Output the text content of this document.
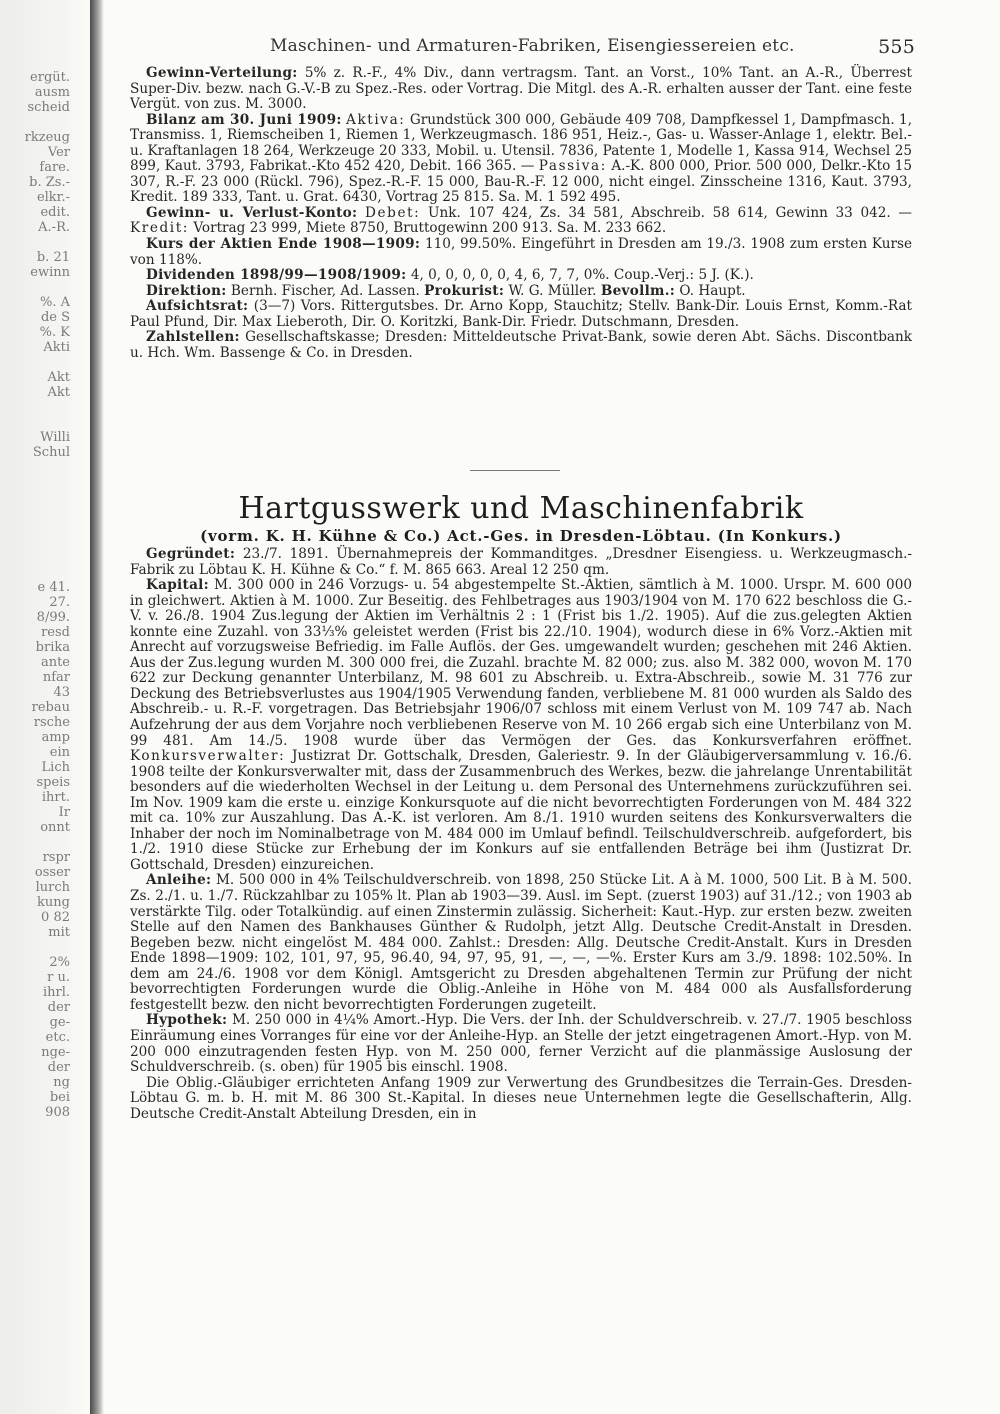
ergüt.
ausm
scheid
rkzeug
Ver
fare.
b. Zs.-
elkr.-
edit.
A.-R.
b. 21
ewinn
%. A
de S
%. K
Akti
Akt
Akt
Willi
Schul
e 41.
27.
8/99.
resd
brika
ante
nfar
43
rebau
rsche
amp
ein
Lich
speis
ihrt.
Ir
onnt
rspr
osser
lurch
kung
0 82
mit
2%
r u.
ihrl.
der
ge-
etc.
nge-
der
ng
bei
908
Maschinen- und Armaturen-Fabriken, Eisengiessereien etc.	555

Gewinn-Verteilung: 5% z. R.-F., 4% Div., dann vertragsm. Tant. an Vorst., 10% Tant. an A.-R., Überrest Super-Div. bezw. nach G.-V.-B zu Spez.-Res. oder Vortrag. Die Mitgl. des A.-R. erhalten ausser der Tant. eine feste Vergüt. von zus. M. 3000.

Bilanz am 30. Juni 1909: Aktiva: Grundstück 300 000, Gebäude 409 708, Dampfkessel 1, Dampfmasch. 1, Transmiss. 1, Riemscheiben 1, Riemen 1, Werkzeugmasch. 186 951, Heiz.-, Gas- u. Wasser-Anlage 1, elektr. Bel.- u. Kraftanlagen 18 264, Werkzeuge 20 333, Mobil. u. Utensil. 7836, Patente 1, Modelle 1, Kassa 914, Wechsel 25 899, Kaut. 3793, Fabrikat.-Kto 452 420, Debit. 166 365. — Passiva: A.-K. 800 000, Prior. 500 000, Delkr.-Kto 15 307, R.-F. 23 000 (Rückl. 796), Spez.-R.-F. 15 000, Bau-R.-F. 12 000, nicht eingel. Zinsscheine 1316, Kaut. 3793, Kredit. 189 333, Tant. u. Grat. 6430, Vortrag 25 815. Sa. M. 1 592 495.

Gewinn- u. Verlust-Konto: Debet: Unk. 107 424, Zs. 34 581, Abschreib. 58 614, Gewinn 33 042. — Kredit: Vortrag 23 999, Miete 8750, Bruttogewinn 200 913. Sa. M. 233 662.

Kurs der Aktien Ende 1908—1909: 110, 99.50%. Eingeführt in Dresden am 19./3. 1908 zum ersten Kurse von 118%.

Dividenden 1898/99—1908/1909: 4, 0, 0, 0, 0, 0, 4, 6, 7, 7, 0%. Coup.-Verj.: 5 J. (K.).

Direktion: Bernh. Fischer, Ad. Lassen. Prokurist: W. G. Müller. Bevollm.: O. Haupt.

Aufsichtsrat: (3—7) Vors. Rittergutsbes. Dr. Arno Kopp, Stauchitz; Stellv. Bank-Dir. Louis Ernst, Komm.-Rat Paul Pfund, Dir. Max Lieberoth, Dir. O. Koritzki, Bank-Dir. Friedr. Dutschmann, Dresden.

Zahlstellen: Gesellschaftskasse; Dresden: Mitteldeutsche Privat-Bank, sowie deren Abt. Sächs. Discontbank u. Hch. Wm. Bassenge & Co. in Dresden.

Hartgusswerk und Maschinenfabrik
(vorm. K. H. Kühne & Co.) Act.-Ges. in Dresden-Löbtau. (In Konkurs.)

Gegründet: 23./7. 1891. Übernahmepreis der Kommanditges. „Dresdner Eisengiess. u. Werkzeugmasch.-Fabrik zu Löbtau K. H. Kühne & Co.“ f. M. 865 663. Areal 12 250 qm.

Kapital: M. 300 000 in 246 Vorzugs- u. 54 abgestempelte St.-Aktien, sämtlich à M. 1000. Urspr. M. 600 000 in gleichwert. Aktien à M. 1000. Zur Beseitig. des Fehlbetrages aus 1903/1904 von M. 170 622 beschloss die G.-V. v. 26./8. 1904 Zus.legung der Aktien im Verhältnis 2 : 1 (Frist bis 1./2. 1905). Auf die zus.gelegten Aktien konnte eine Zuzahl. von 33⅓% geleistet werden (Frist bis 22./10. 1904), wodurch diese in 6% Vorz.-Aktien mit Anrecht auf vorzugsweise Befriedig. im Falle Auflös. der Ges. umgewandelt wurden; geschehen mit 246 Aktien. Aus der Zus.legung wurden M. 300 000 frei, die Zuzahl. brachte M. 82 000; zus. also M. 382 000, wovon M. 170 622 zur Deckung genannter Unterbilanz, M. 98 601 zu Abschreib. u. Extra-Abschreib., sowie M. 31 776 zur Deckung des Betriebsverlustes aus 1904/1905 Verwendung fanden, verbliebene M. 81 000 wurden als Saldo des Abschreib.- u. R.-F. vorgetragen. Das Betriebsjahr 1906/07 schloss mit einem Verlust von M. 109 747 ab. Nach Aufzehrung der aus dem Vorjahre noch verbliebenen Reserve von M. 10 266 ergab sich eine Unterbilanz von M. 99 481. Am 14./5. 1908 wurde über das Vermögen der Ges. das Konkursverfahren eröffnet. Konkursverwalter: Justizrat Dr. Gottschalk, Dresden, Galeriestr. 9. In der Gläubigerversammlung v. 16./6. 1908 teilte der Konkursverwalter mit, dass der Zusammenbruch des Werkes, bezw. die jahrelange Unrentabilität besonders auf die wiederholten Wechsel in der Leitung u. dem Personal des Unternehmens zurückzuführen sei. Im Nov. 1909 kam die erste u. einzige Konkursquote auf die nicht bevorrechtigten Forderungen von M. 484 322 mit ca. 10% zur Auszahlung. Das A.-K. ist verloren. Am 8./1. 1910 wurden seitens des Konkursverwalters die Inhaber der noch im Nominalbetrage von M. 484 000 im Umlauf befindl. Teilschuldverschreib. aufgefordert, bis 1./2. 1910 diese Stücke zur Erhebung der im Konkurs auf sie entfallenden Beträge bei ihm (Justizrat Dr. Gottschald, Dresden) einzureichen.

Anleihe: M. 500 000 in 4% Teilschuldverschreib. von 1898, 250 Stücke Lit. A à M. 1000, 500 Lit. B à M. 500. Zs. 2./1. u. 1./7. Rückzahlbar zu 105% lt. Plan ab 1903—39. Ausl. im Sept. (zuerst 1903) auf 31./12.; von 1903 ab verstärkte Tilg. oder Totalkündig. auf einen Zinstermin zulässig. Sicherheit: Kaut.-Hyp. zur ersten bezw. zweiten Stelle auf den Namen des Bankhauses Günther & Rudolph, jetzt Allg. Deutsche Credit-Anstalt in Dresden. Begeben bezw. nicht eingelöst M. 484 000. Zahlst.: Dresden: Allg. Deutsche Credit-Anstalt. Kurs in Dresden Ende 1898—1909: 102, 101, 97, 95, 96.40, 94, 97, 95, 91, —, —, —%. Erster Kurs am 3./9. 1898: 102.50%. In dem am 24./6. 1908 vor dem Königl. Amtsgericht zu Dresden abgehaltenen Termin zur Prüfung der nicht bevorrechtigten Forderungen wurde die Oblig.-Anleihe in Höhe von M. 484 000 als Ausfallsforderung festgestellt bezw. den nicht bevorrechtigten Forderungen zugeteilt.

Hypothek: M. 250 000 in 4¼% Amort.-Hyp. Die Vers. der Inh. der Schuldverschreib. v. 27./7. 1905 beschloss Einräumung eines Vorranges für eine vor der Anleihe-Hyp. an Stelle der jetzt eingetragenen Amort.-Hyp. von M. 200 000 einzutragenden festen Hyp. von M. 250 000, ferner Verzicht auf die planmässige Auslosung der Schuldverschreib. (s. oben) für 1905 bis einschl. 1908.

Die Oblig.-Gläubiger errichteten Anfang 1909 zur Verwertung des Grundbesitzes die Terrain-Ges. Dresden-Löbtau G. m. b. H. mit M. 86 300 St.-Kapital. In dieses neue Unternehmen legte die Gesellschafterin, Allg. Deutsche Credit-Anstalt Abteilung Dresden, ein in
